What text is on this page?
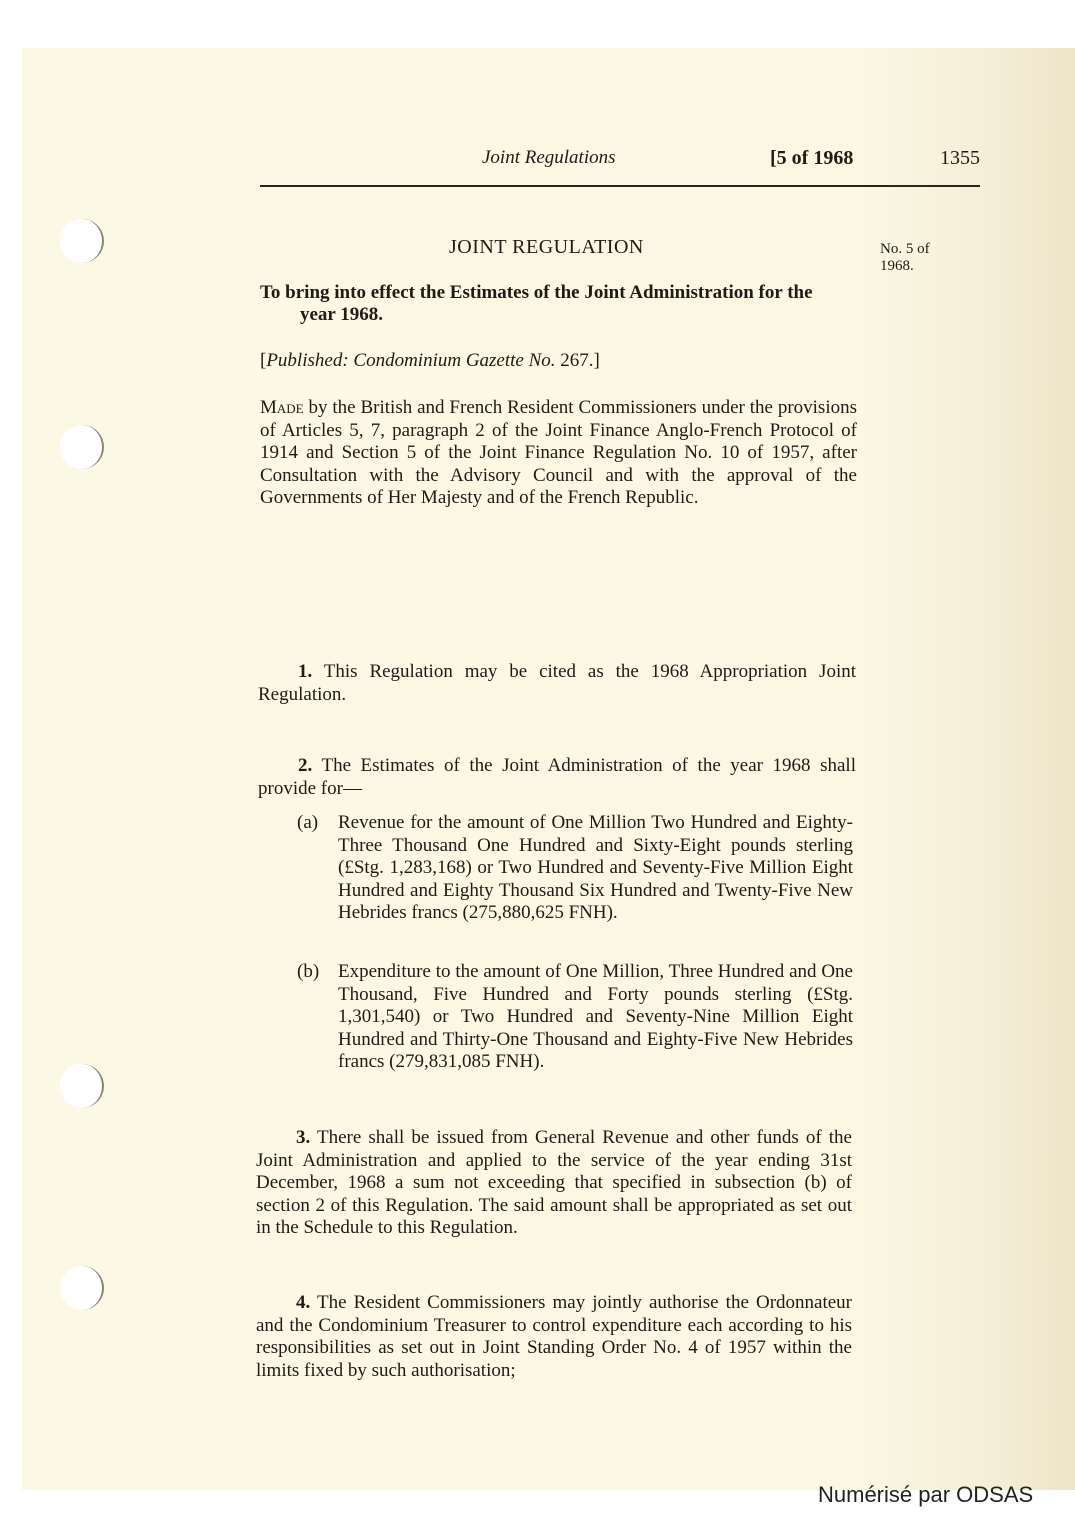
Joint Regulations	[5 of 1968	1355
JOINT REGULATION	No. 5 of
1968.
To bring into effect the Estimates of the Joint Administration for the
year 1968.
[Published: Condominium Gazette No. 267.]
Made by the British and French Resident Commissioners under the provisions of Articles 5, 7, paragraph 2 of the Joint Finance Anglo-French Protocol of 1914 and Section 5 of the Joint Finance Regulation No. 10 of 1957, after Consultation with the Advisory Council and with the approval of the Governments of Her Majesty and of the French Republic.
1. This Regulation may be cited as the 1968 Appropriation Joint Regulation.
2. The Estimates of the Joint Administration of the year 1968 shall provide for—
(a) Revenue for the amount of One Million Two Hundred and Eighty-Three Thousand One Hundred and Sixty-Eight pounds sterling (£Stg. 1,283,168) or Two Hundred and Seventy-Five Million Eight Hundred and Eighty Thousand Six Hundred and Twenty-Five New Hebrides francs (275,880,625 FNH).
(b) Expenditure to the amount of One Million, Three Hundred and One Thousand, Five Hundred and Forty pounds sterling (£Stg. 1,301,540) or Two Hundred and Seventy-Nine Million Eight Hundred and Thirty-One Thousand and Eighty-Five New Hebrides francs (279,831,085 FNH).
3. There shall be issued from General Revenue and other funds of the Joint Administration and applied to the service of the year ending 31st December, 1968 a sum not exceeding that specified in subsection (b) of section 2 of this Regulation. The said amount shall be appropriated as set out in the Schedule to this Regulation.
4. The Resident Commissioners may jointly authorise the Ordonnateur and the Condominium Treasurer to control expenditure each according to his responsibilities as set out in Joint Standing Order No. 4 of 1957 within the limits fixed by such authorisation;
Numérisé par ODSAS
